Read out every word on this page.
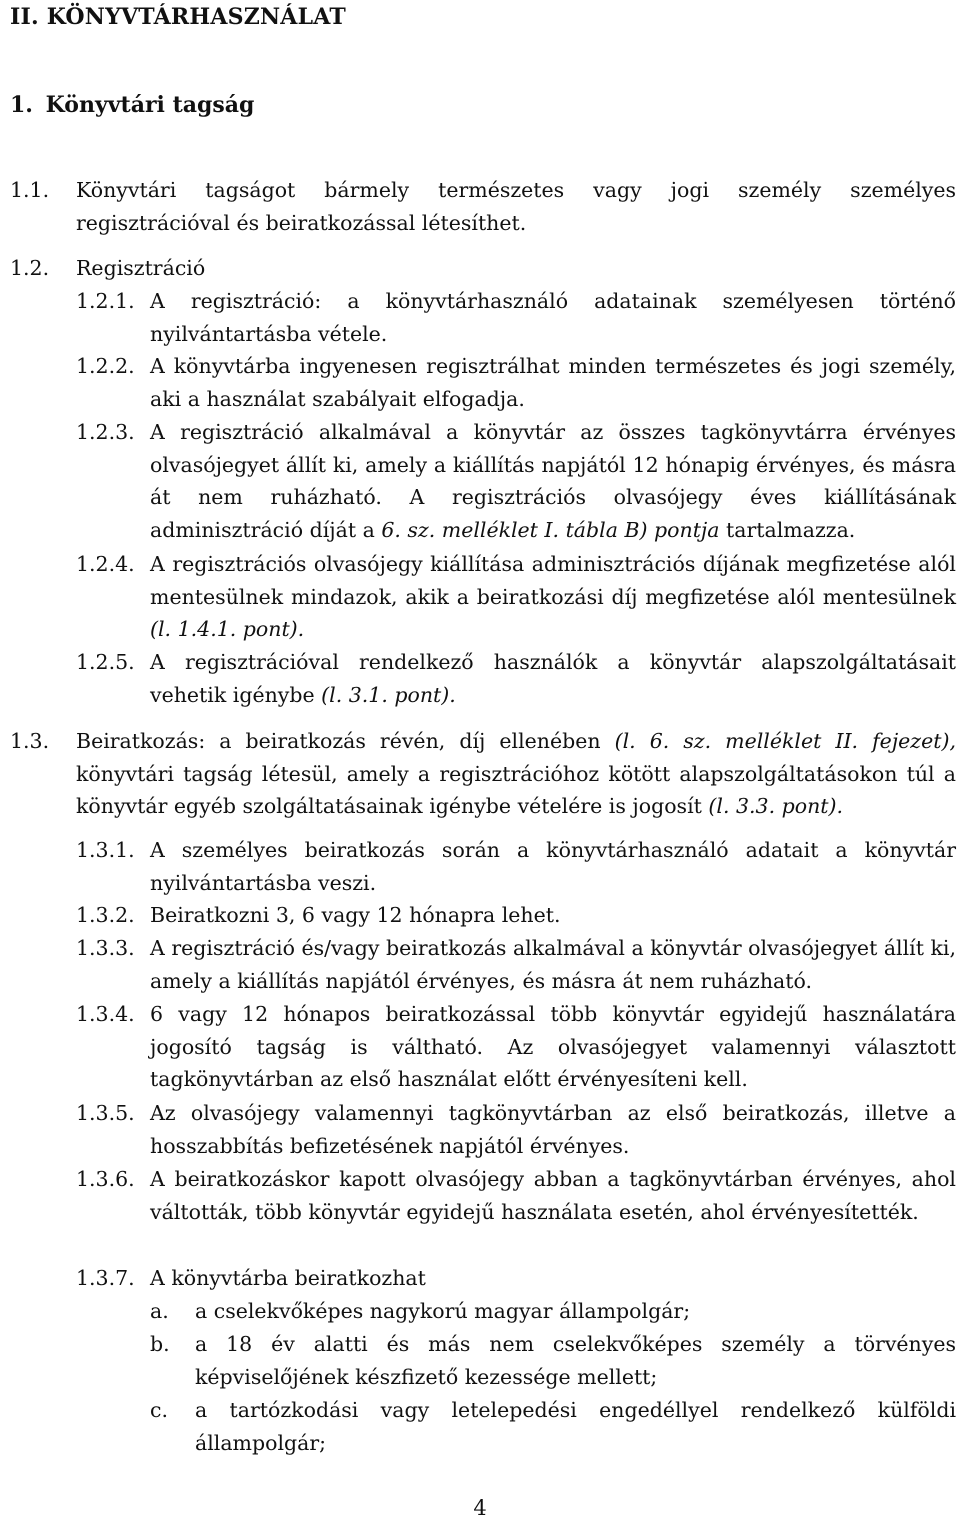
II. KÖNYVTÁRHASZNÁLAT
1. Könyvtári tagság
1.1. Könyvtári tagságot bármely természetes vagy jogi személy személyes regisztrációval és beiratkozással létesíthet.
1.2. Regisztráció
1.2.1. A regisztráció: a könyvtárhasználó adatainak személyesen történő nyilvántartásba vétele.
1.2.2. A könyvtárba ingyenesen regisztrálhat minden természetes és jogi személy, aki a használat szabályait elfogadja.
1.2.3. A regisztráció alkalmával a könyvtár az összes tagkönyvtárra érvényes olvasójegyet állít ki, amely a kiállítás napjától 12 hónapig érvényes, és másra át nem ruházható. A regisztrációs olvasójegy éves kiállításának adminisztráció díját a 6. sz. melléklet I. tábla B) pontja tartalmazza.
1.2.4. A regisztrációs olvasójegy kiállítása adminisztrációs díjának megfizetése alól mentesülnek mindazok, akik a beiratkozási díj megfizetése alól mentesülnek (l. 1.4.1. pont).
1.2.5. A regisztrációval rendelkező használók a könyvtár alapszolgáltatásait vehetik igénybe (l. 3.1. pont).
1.3. Beiratkozás: a beiratkozás révén, díj ellenében (l. 6. sz. melléklet II. fejezet), könyvtári tagság létesül, amely a regisztrációhoz kötött alapszolgáltatásokon túl a könyvtár egyéb szolgáltatásainak igénybe vételére is jogosít (l. 3.3. pont).
1.3.1. A személyes beiratkozás során a könyvtárhasználó adatait a könyvtár nyilvántartásba veszi.
1.3.2. Beiratkozni 3, 6 vagy 12 hónapra lehet.
1.3.3. A regisztráció és/vagy beiratkozás alkalmával a könyvtár olvasójegyet állít ki, amely a kiállítás napjától érvényes, és másra át nem ruházható.
1.3.4. 6 vagy 12 hónapos beiratkozással több könyvtár egyidejű használatára jogosító tagság is váltható. Az olvasójegyet valamennyi választott tagkönyvtárban az első használat előtt érvényesíteni kell.
1.3.5. Az olvasójegy valamennyi tagkönyvtárban az első beiratkozás, illetve a hosszabbítás befizetésének napjától érvényes.
1.3.6. A beiratkozáskor kapott olvasójegy abban a tagkönyvtárban érvényes, ahol váltották, több könyvtár egyidejű használata esetén, ahol érvényesítették.
1.3.7. A könyvtárba beiratkozhat
a. a cselekvőképes nagykorú magyar állampolgár;
b. a 18 év alatti és más nem cselekvőképes személy a törvényes képviselőjének készfizető kezessége mellett;
c. a tartózkodási vagy letelepedési engedéllyel rendelkező külföldi állampolgár;
4
